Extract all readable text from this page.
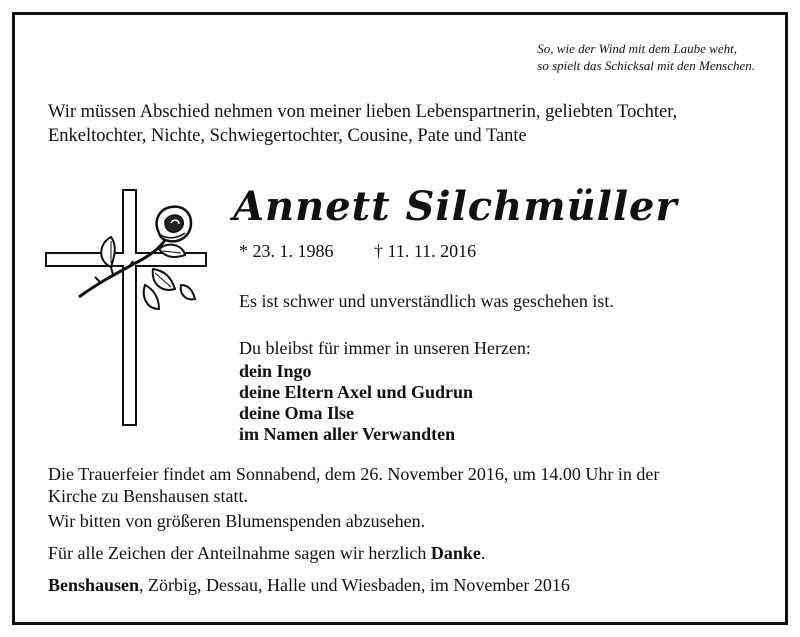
So, wie der Wind mit dem Laube weht,
so spielt das Schicksal mit den Menschen.
Wir müssen Abschied nehmen von meiner lieben Lebenspartnerin, geliebten Tochter,
Enkeltochter, Nichte, Schwiegertochter, Cousine, Pate und Tante
Annett Silchmüller
* 23. 1. 1986 † 11. 11. 2016
Es ist schwer und unverständlich was geschehen ist.
Du bleibst für immer in unseren Herzen:
dein Ingo
deine Eltern Axel und Gudrun
deine Oma Ilse
im Namen aller Verwandten
Die Trauerfeier findet am Sonnabend, dem 26. November 2016, um 14.00 Uhr in der
Kirche zu Benshausen statt.
Wir bitten von größeren Blumenspenden abzusehen.
Für alle Zeichen der Anteilnahme sagen wir herzlich Danke.
Benshausen, Zörbig, Dessau, Halle und Wiesbaden, im November 2016
